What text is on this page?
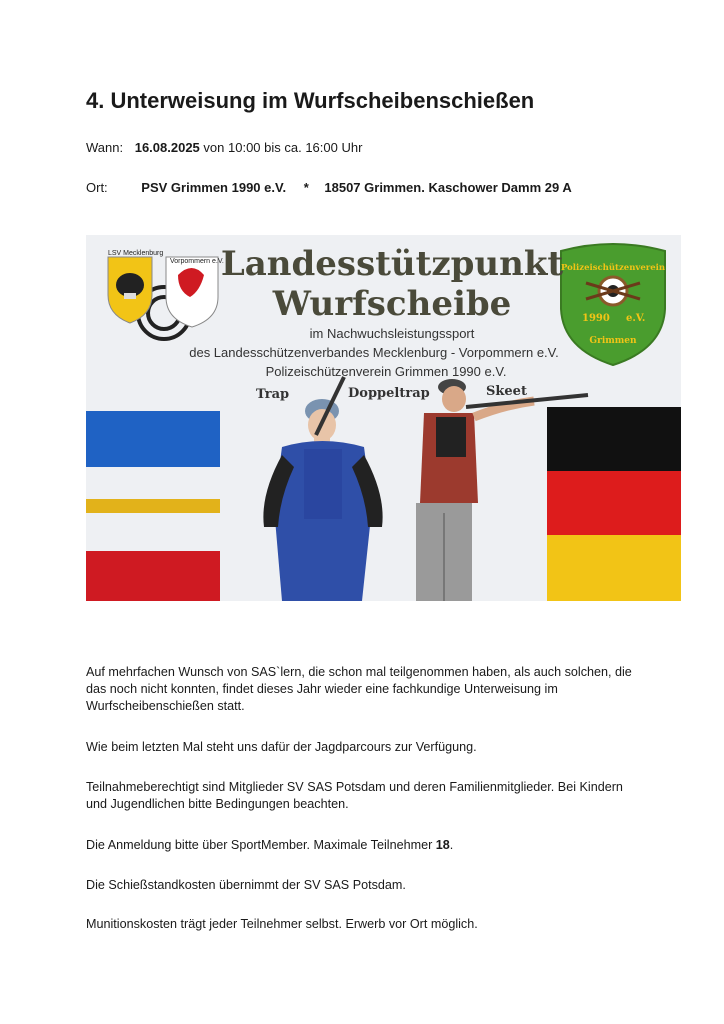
4. Unterweisung im Wurfscheibenschießen
Wann: 16.08.2025 von 10:00 bis ca. 16:00 Uhr
Ort:	PSV Grimmen 1990 e.V. * 18507 Grimmen. Kaschower Damm 29 A
LSV Mecklenburg
Vorpommern e.V.
Polizeischützenverein
1990 e.V.
Grimmen
Landesstützpunkt
Wurfscheibe
im Nachwuchsleistungssport
des Landesschützenverbandes Mecklenburg - Vorpommern e.V.
Polizeischützenverein Grimmen 1990 e.V.
Trap	Doppeltrap	Skeet

Auf mehrfachen Wunsch von SAS`lern, die schon mal teilgenommen haben, als auch solchen, die das noch nicht konnten, findet dieses Jahr wieder eine fachkundige Unterweisung im Wurfscheibenschießen statt.

Wie beim letzten Mal steht uns dafür der Jagdparcours zur Verfügung.

Teilnahmeberechtigt sind Mitglieder SV SAS Potsdam und deren Familienmitglieder. Bei Kindern und Jugendlichen bitte Bedingungen beachten.

Die Anmeldung bitte über SportMember. Maximale Teilnehmer 18.

Die Schießstandkosten übernimmt der SV SAS Potsdam.

Munitionskosten trägt jeder Teilnehmer selbst. Erwerb vor Ort möglich.
